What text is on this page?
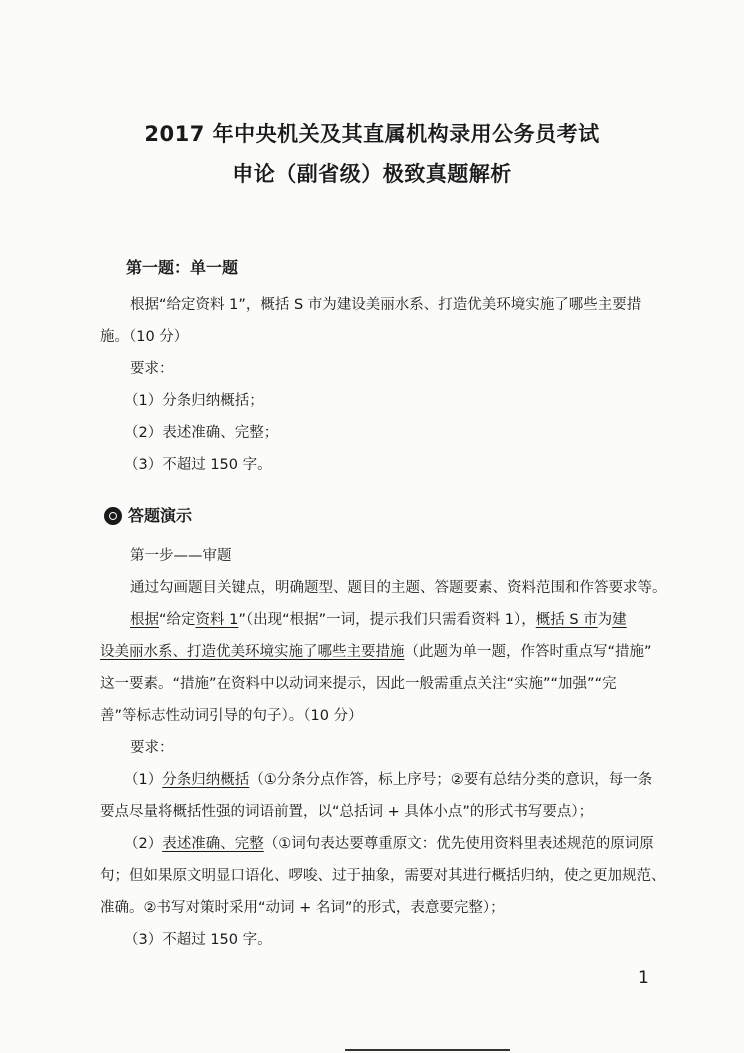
2017 年中央机关及其直属机构录用公务员考试
申论（副省级）极致真题解析
第一题：单一题
根据“给定资料 1”，概括 S 市为建设美丽水系、打造优美环境实施了哪些主要措
施。（10 分）
要求：
（1）分条归纳概括；
（2）表述准确、完整；
（3）不超过 150 字。
答题演示
第一步——审题
通过勾画题目关键点，明确题型、题目的主题、答题要素、资料范围和作答要求等。
根据“给定资料 1”（出现“根据”一词，提示我们只需看资料 1），概括 S 市为建
设美丽水系、打造优美环境实施了哪些主要措施（此题为单一题，作答时重点写“措施”
这一要素。“措施”在资料中以动词来提示，因此一般需重点关注“实施”“加强”“完
善”等标志性动词引导的句子）。（10 分）
要求：
（1）分条归纳概括（①分条分点作答，标上序号；②要有总结分类的意识，每一条
要点尽量将概括性强的词语前置，以“总括词 + 具体小点”的形式书写要点）；
（2）表述准确、完整（①词句表达要尊重原文：优先使用资料里表述规范的原词原
句；但如果原文明显口语化、啰唆、过于抽象，需要对其进行概括归纳，使之更加规范、
准确。②书写对策时采用“动词 + 名词”的形式，表意要完整）；
（3）不超过 150 字。
1
